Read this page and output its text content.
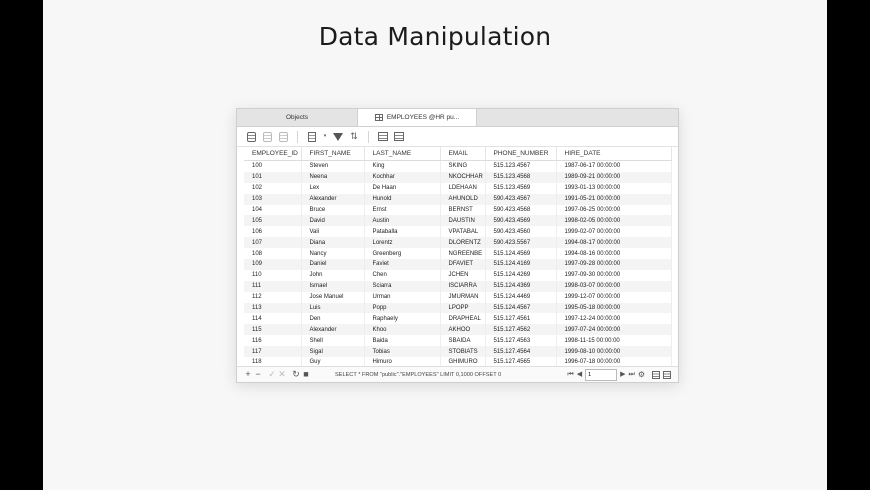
Data Manipulation
Objects	EMPLOYEES @HR pu...
▾	⇅
EMPLOYEE_ID	FIRST_NAME	LAST_NAME	EMAIL	PHONE_NUMBER	HIRE_DATE
100	Steven	King	SKING	515.123.4567	1987-06-17 00:00:00
101	Neena	Kochhar	NKOCHHAR	515.123.4568	1989-09-21 00:00:00
102	Lex	De Haan	LDEHAAN	515.123.4569	1993-01-13 00:00:00
103	Alexander	Hunold	AHUNOLD	590.423.4567	1991-05-21 00:00:00
104	Bruce	Ernst	BERNST	590.423.4568	1997-06-25 00:00:00
105	David	Austin	DAUSTIN	590.423.4569	1998-02-05 00:00:00
106	Vali	Pataballa	VPATABAL	590.423.4560	1999-02-07 00:00:00
107	Diana	Lorentz	DLORENTZ	590.423.5567	1994-08-17 00:00:00
108	Nancy	Greenberg	NGREENBE	515.124.4569	1994-08-16 00:00:00
109	Daniel	Faviet	DFAVIET	515.124.4169	1997-09-28 00:00:00
110	John	Chen	JCHEN	515.124.4269	1997-09-30 00:00:00
111	Ismael	Sciarra	ISCIARRA	515.124.4369	1998-03-07 00:00:00
112	Jose Manuel	Urman	JMURMAN	515.124.4469	1999-12-07 00:00:00
113	Luis	Popp	LPOPP	515.124.4567	1995-05-18 00:00:00
114	Den	Raphaely	DRAPHEAL	515.127.4561	1997-12-24 00:00:00
115	Alexander	Khoo	AKHOO	515.127.4562	1997-07-24 00:00:00
116	Shell	Baida	SBAIDA	515.127.4563	1998-11-15 00:00:00
117	Sigal	Tobias	STOBIATS	515.127.4564	1999-08-10 00:00:00
118	Guy	Himuro	GHIMURO	515.127.4565	1996-07-18 00:00:00
+ − ✓ ✕ ↻ ■	SELECT * FROM "public"."EMPLOYEES" LIMIT 0,1000 OFFSET 0	⏮ ◀
1	▶ ⏭ ⚙
